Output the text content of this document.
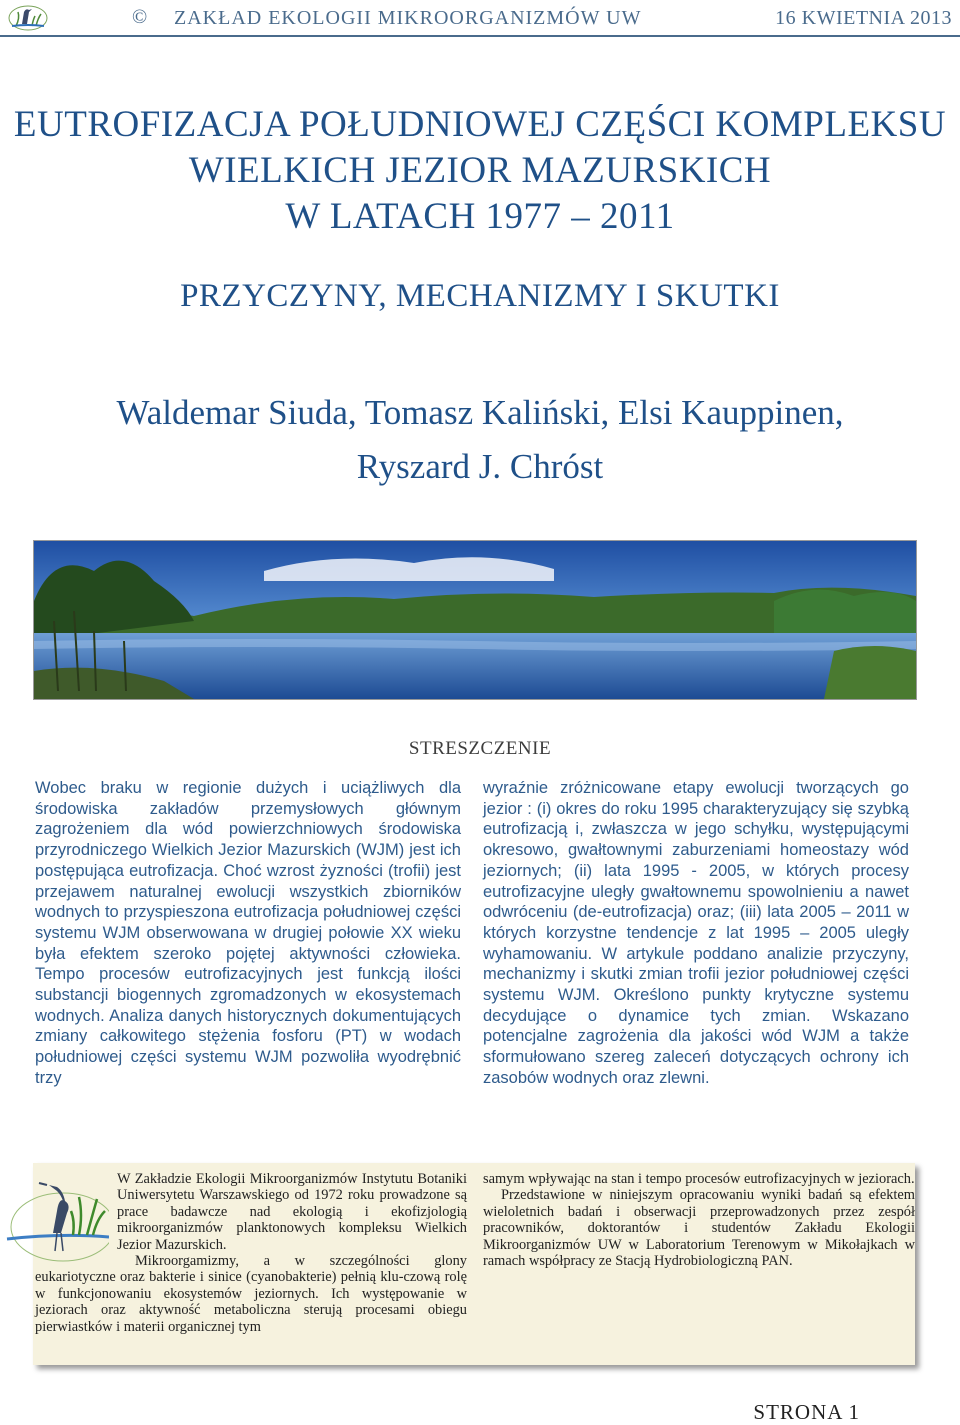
© ZAKŁAD EKOLOGII MIKROORGANIZMÓW UW	16 KWIETNIA 2013
EUTROFIZACJA POŁUDNIOWEJ CZĘŚCI KOMPLEKSU
WIELKICH JEZIOR MAZURSKICH
W LATACH 1977 – 2011
PRZYCZYNY, MECHANIZMY I SKUTKI
Waldemar Siuda, Tomasz Kaliński, Elsi Kauppinen,
Ryszard J. Chróst
STRESZCZENIE
Wobec braku w regionie dużych i uciążliwych dla środowiska zakładów przemysłowych głównym zagrożeniem dla wód powierzchniowych środowiska przyrodniczego Wielkich Jezior Mazurskich (WJM) jest ich postępująca eutrofizacja. Choć wzrost żyzności (trofii) jest przejawem naturalnej ewolucji wszystkich zbiorników wodnych to przyspieszona eutrofizacja południowej części systemu WJM obserwowana w drugiej połowie XX wieku była efektem szeroko pojętej aktywności człowieka. Tempo procesów eutrofizacyjnych jest funkcją ilości substancji biogennych zgromadzonych w ekosystemach wodnych. Analiza danych historycznych dokumentujących zmiany całkowitego stężenia fosforu (PT) w wodach południowej części systemu WJM pozwoliła wyodrębnić trzy
wyraźnie zróżnicowane etapy ewolucji tworzących go jezior : (i) okres do roku 1995 charakteryzujący się szybką eutrofizacją i, zwłaszcza w jego schyłku, występującymi okresowo, gwałtownymi zaburzeniami homeostazy wód jeziornych; (ii) lata 1995 - 2005, w których procesy eutrofizacyjne uległy gwałtownemu spowolnieniu a nawet odwróceniu (de-eutrofizacja) oraz; (iii) lata 2005 – 2011 w których korzystne tendencje z lat 1995 – 2005 uległy wyhamowaniu. W artykule poddano analizie przyczyny, mechanizmy i skutki zmian trofii jezior południowej części systemu WJM. Określono punkty krytyczne systemu decydujące o dynamice tych zmian. Wskazano potencjalne zagrożenia dla jakości wód WJM a także sformułowano szereg zaleceń dotyczących ochrony ich zasobów wodnych oraz zlewni.

W Zakładzie Ekologii Mikroorganizmów Instytutu Botaniki Uniwersytetu Warszawskiego od 1972 roku prowadzone są prace badawcze nad ekologią i ekofizjologią mikroorganizmów planktonowych kompleksu Wielkich Jezior Mazurskich.

Mikroorgamizmy, a w szczególności glony eukariotyczne oraz bakterie i sinice (cyanobakterie) pełnią klu-czową rolę w funkcjonowaniu ekosystemów jeziornych. Ich występowanie w jeziorach oraz aktywność metaboliczna sterują procesami obiegu pierwiastków i materii organicznej tym

samym wpływając na stan i tempo procesów eutrofizacyjnych w jeziorach.

Przedstawione w niniejszym opracowaniu wyniki badań są efektem wieloletnich badań i obserwacji przeprowadzonych przez zespół pracowników, doktorantów i studentów Zakładu Ekologii Mikroorganizmów UW w Laboratorium Terenowym w Mikołajkach w ramach współpracy ze Stacją Hydrobiologiczną PAN.

STRONA 1
